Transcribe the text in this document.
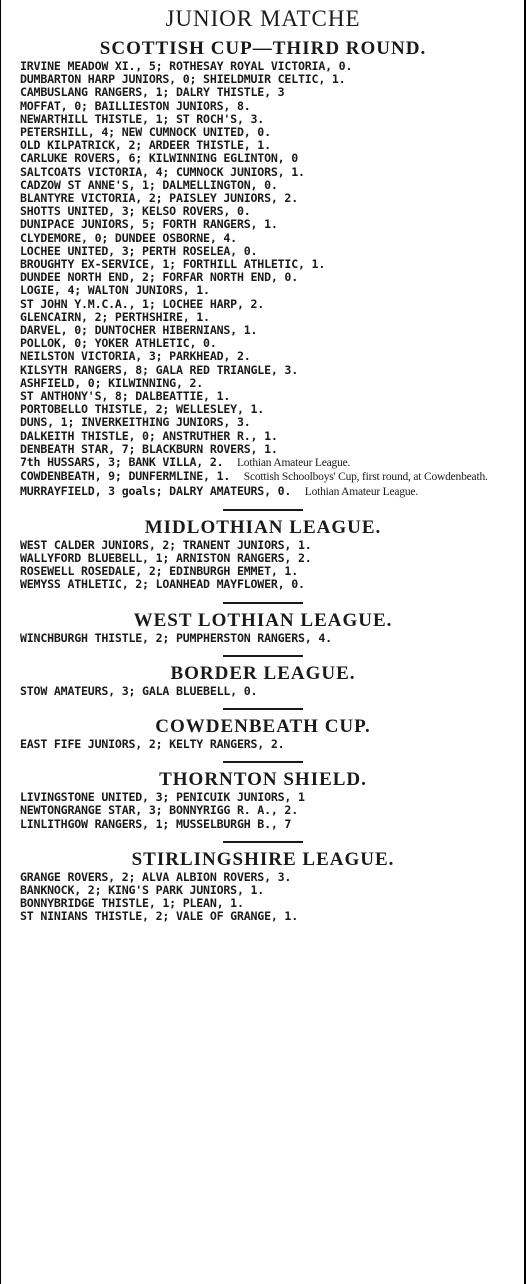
JUNIOR MATCHE
SCOTTISH CUP—THIRD ROUND.

IRVINE MEADOW XI., 5; ROTHESAY ROYAL VICTORIA, 0.

DUMBARTON HARP JUNIORS, 0; SHIELDMUIR CELTIC, 1.

CAMBUSLANG RANGERS, 1; DALRY THISTLE, 3

MOFFAT, 0; BAILLIESTON JUNIORS, 8.

NEWARTHILL THISTLE, 1; ST ROCH'S, 3.

PETERSHILL, 4; NEW CUMNOCK UNITED, 0.

OLD KILPATRICK, 2; ARDEER THISTLE, 1.

CARLUKE ROVERS, 6; KILWINNING EGLINTON, 0

SALTCOATS VICTORIA, 4; CUMNOCK JUNIORS, 1.

CADZOW ST ANNE'S, 1; DALMELLINGTON, 0.

BLANTYRE VICTORIA, 2; PAISLEY JUNIORS, 2.

SHOTTS UNITED, 3; KELSO ROVERS, 0.

DUNIPACE JUNIORS, 5; FORTH RANGERS, 1.

CLYDEMORE, 0; DUNDEE OSBORNE, 4.

LOCHEE UNITED, 3; PERTH ROSELEA, 0.

BROUGHTY EX-SERVICE, 1; FORTHILL ATHLETIC, 1.

DUNDEE NORTH END, 2; FORFAR NORTH END, 0.

LOGIE, 4; WALTON JUNIORS, 1.

ST JOHN Y.M.C.A., 1; LOCHEE HARP, 2.

GLENCAIRN, 2; PERTHSHIRE, 1.

DARVEL, 0; DUNTOCHER HIBERNIANS, 1.

POLLOK, 0; YOKER ATHLETIC, 0.

NEILSTON VICTORIA, 3; PARKHEAD, 2.

KILSYTH RANGERS, 8; GALA RED TRIANGLE, 3.

ASHFIELD, 0; KILWINNING, 2.

ST ANTHONY'S, 8; DALBEATTIE, 1.

PORTOBELLO THISTLE, 2; WELLESLEY, 1.

DUNS, 1; INVERKEITHING JUNIORS, 3.

DALKEITH THISTLE, 0; ANSTRUTHER R., 1.

DENBEATH STAR, 7; BLACKBURN ROVERS, 1.

7th HUSSARS, 3; BANK VILLA, 2. Lothian Amateur League.

COWDENBEATH, 9; DUNFERMLINE, 1. Scottish Schoolboys' Cup, first round, at Cowdenbeath.

MURRAYFIELD, 3 goals; DALRY AMATEURS, 0. Lothian Amateur League.

MIDLOTHIAN LEAGUE.

WEST CALDER JUNIORS, 2; TRANENT JUNIORS, 1.

WALLYFORD BLUEBELL, 1; ARNISTON RANGERS, 2.

ROSEWELL ROSEDALE, 2; EDINBURGH EMMET, 1.

WEMYSS ATHLETIC, 2; LOANHEAD MAYFLOWER, 0.

WEST LOTHIAN LEAGUE.

WINCHBURGH THISTLE, 2; PUMPHERSTON RANGERS, 4.

BORDER LEAGUE.

STOW AMATEURS, 3; GALA BLUEBELL, 0.

COWDENBEATH CUP.

EAST FIFE JUNIORS, 2; KELTY RANGERS, 2.

THORNTON SHIELD.

LIVINGSTONE UNITED, 3; PENICUIK JUNIORS, 1

NEWTONGRANGE STAR, 3; BONNYRIGG R. A., 2.

LINLITHGOW RANGERS, 1; MUSSELBURGH B., 7

STIRLINGSHIRE LEAGUE.

GRANGE ROVERS, 2; ALVA ALBION ROVERS, 3.

BANKNOCK, 2; KING'S PARK JUNIORS, 1.

BONNYBRIDGE THISTLE, 1; PLEAN, 1.

ST NINIANS THISTLE, 2; VALE OF GRANGE, 1.
